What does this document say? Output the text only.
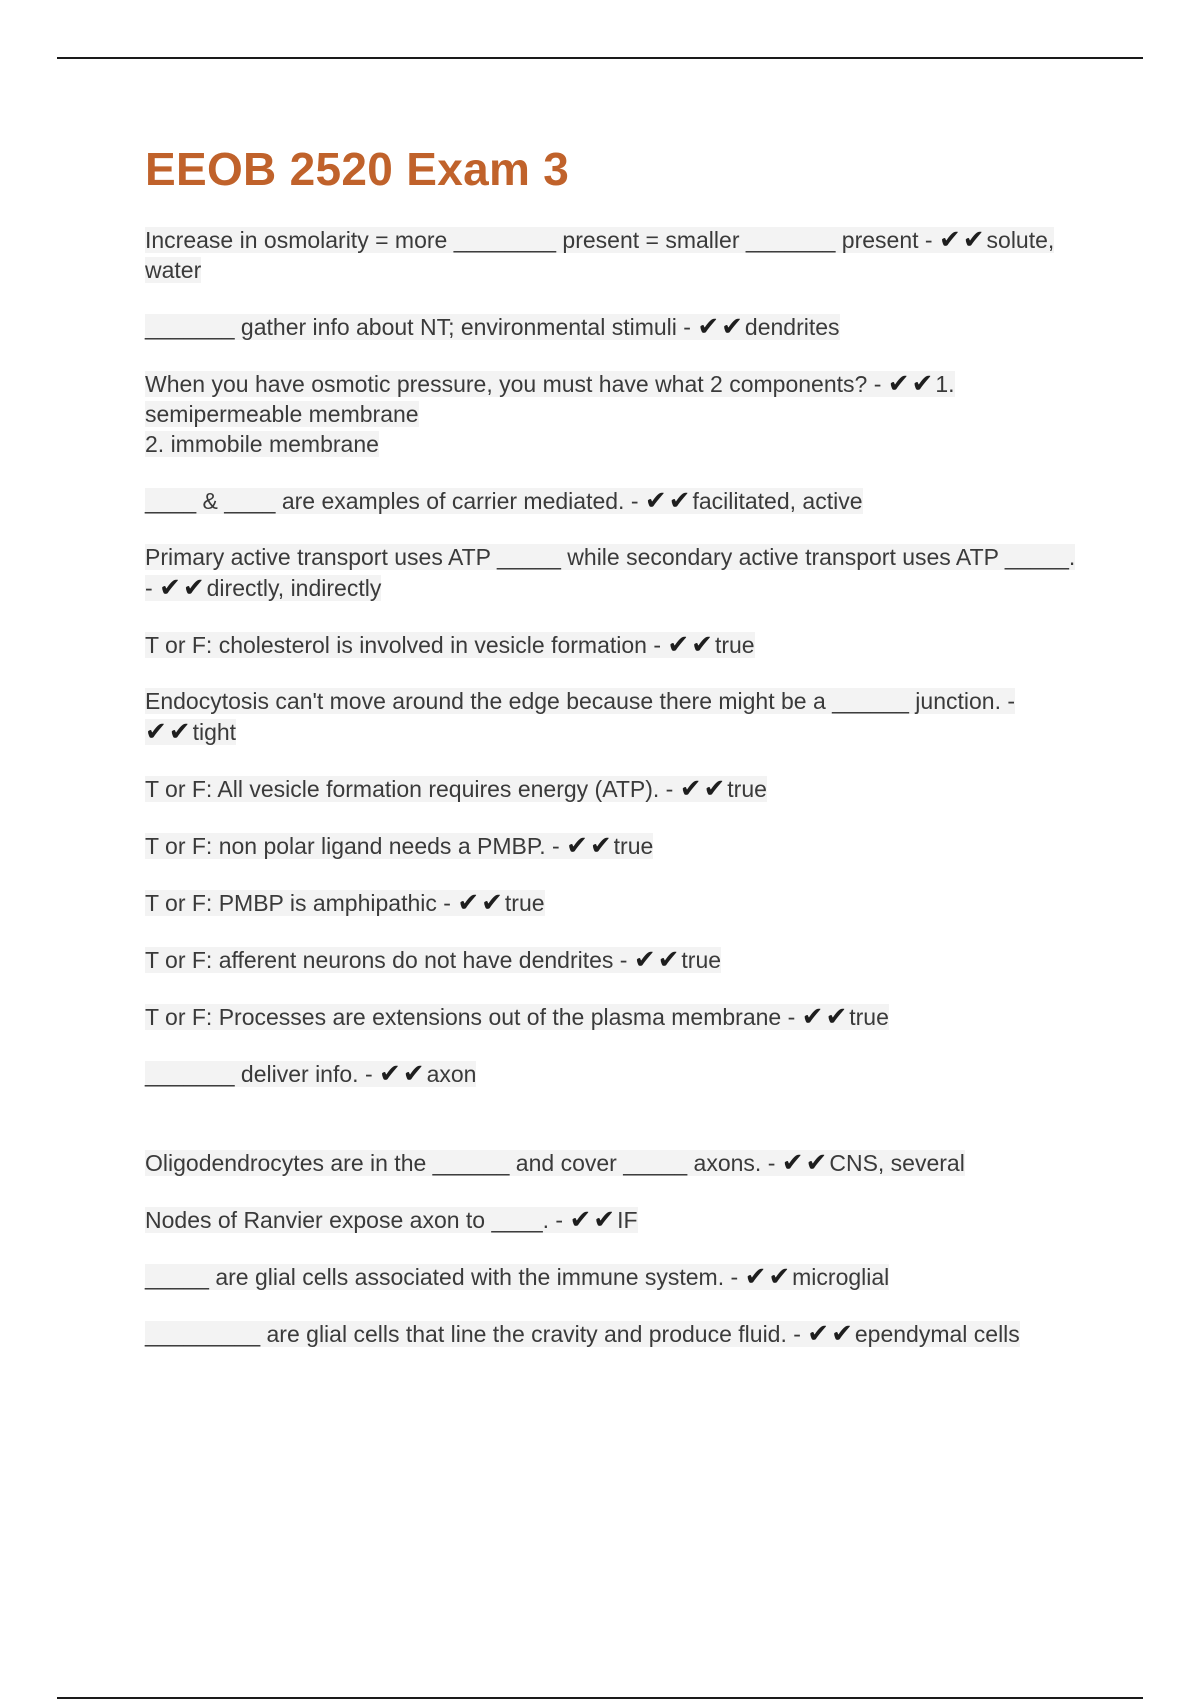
EEOB 2520 Exam 3
Increase in osmolarity = more ________ present = smaller _______ present - ✔✔solute, water
_______ gather info about NT; environmental stimuli - ✔✔dendrites
When you have osmotic pressure, you must have what 2 components? - ✔✔1. semipermeable membrane
2. immobile membrane
____ & ____ are examples of carrier mediated. - ✔✔facilitated, active
Primary active transport uses ATP _____ while secondary active transport uses ATP _____. - ✔✔directly, indirectly
T or F: cholesterol is involved in vesicle formation - ✔✔true
Endocytosis can't move around the edge because there might be a ______ junction. - ✔✔tight
T or F: All vesicle formation requires energy (ATP). - ✔✔true
T or F: non polar ligand needs a PMBP. - ✔✔true
T or F: PMBP is amphipathic - ✔✔true
T or F: afferent neurons do not have dendrites - ✔✔true
T or F: Processes are extensions out of the plasma membrane - ✔✔true
_______ deliver info. - ✔✔axon
Oligodendrocytes are in the ______ and cover _____ axons. - ✔✔CNS, several
Nodes of Ranvier expose axon to ____. - ✔✔IF
_____ are glial cells associated with the immune system. - ✔✔microglial
_________ are glial cells that line the cravity and produce fluid. - ✔✔ependymal cells
